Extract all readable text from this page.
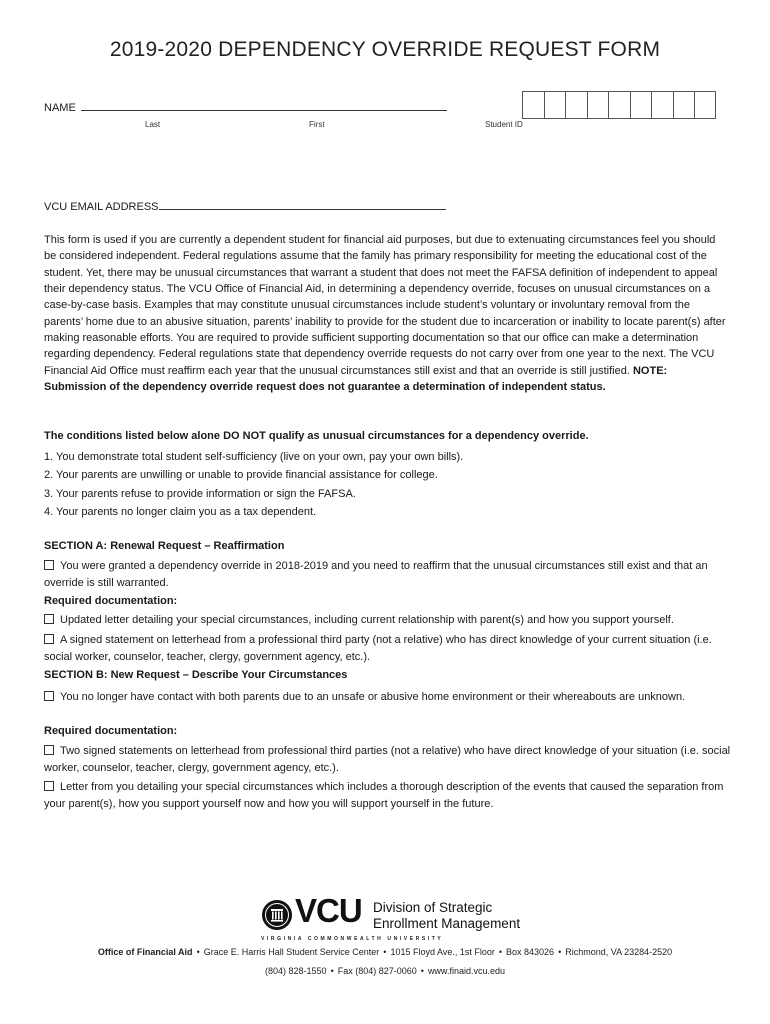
2019-2020 DEPENDENCY OVERRIDE REQUEST FORM
NAME
Last	First	Student ID
VCU EMAIL ADDRESS

This form is used if you are currently a dependent student for financial aid purposes, but due to extenuating circumstances feel you should be considered independent. Federal regulations assume that the family has primary responsibility for meeting the educational cost of the student. Yet, there may be unusual circumstances that warrant a student that does not meet the FAFSA definition of independent to appeal their dependency status. The VCU Office of Financial Aid, in determining a dependency override, focuses on unusual circumstances on a case-by-case basis. Examples that may constitute unusual circumstances include student’s voluntary or involuntary removal from the parents’ home due to an abusive situation, parents’ inability to provide for the student due to incarceration or inability to locate parent(s) after making reasonable efforts. You are required to provide sufficient supporting documentation so that our office can make a determination regarding dependency. Federal regulations state that dependency override requests do not carry over from one year to the next. The VCU Financial Aid Office must reaffirm each year that the unusual circumstances still exist and that an override is still justified. NOTE: Submission of the dependency override request does not guarantee a determination of independent status.

The conditions listed below alone DO NOT qualify as unusual circumstances for a dependency override.
1. You demonstrate total student self-sufficiency (live on your own, pay your own bills).
2. Your parents are unwilling or unable to provide financial assistance for college.
3. Your parents refuse to provide information or sign the FAFSA.
4. Your parents no longer claim you as a tax dependent.
SECTION A: Renewal Request – Reaffirmation
You were granted a dependency override in 2018-2019 and you need to reaffirm that the unusual circumstances still exist and that an override is still warranted.
Required documentation:
Updated letter detailing your special circumstances, including current relationship with parent(s) and how you support yourself.
A signed statement on letterhead from a professional third party (not a relative) who has direct knowledge of your current situation (i.e. social worker, counselor, teacher, clergy, government agency, etc.).
SECTION B: New Request – Describe Your Circumstances
You no longer have contact with both parents due to an unsafe or abusive home environment or their whereabouts are unknown.
Required documentation:
Two signed statements on letterhead from professional third parties (not a relative) who have direct knowledge of your situation (i.e. social worker, counselor, teacher, clergy, government agency, etc.).
Letter from you detailing your special circumstances which includes a thorough description of the events that caused the separation from your parent(s), how you support yourself now and how you will support yourself in the future.
VCU Division of Strategic
Enrollment Management
VIRGINIA COMMONWEALTH UNIVERSITY
Office of Financial Aid • Grace E. Harris Hall Student Service Center • 1015 Floyd Ave., 1st Floor • Box 843026 • Richmond, VA 23284-2520
(804) 828-1550 • Fax (804) 827-0060 • www.finaid.vcu.edu
